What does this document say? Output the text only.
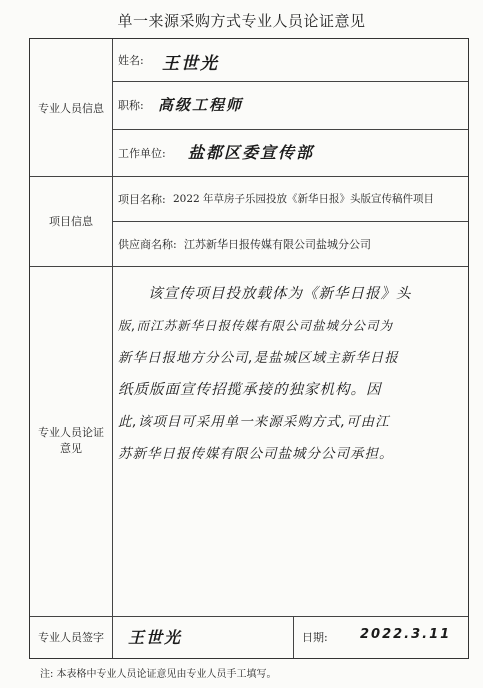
单一来源采购方式专业人员论证意见
专业人员信息
姓名: 王世光
职称: 高级工程师
工作单位: 盐都区委宣传部
项目信息
项目名称: 2022 年草房子乐园投放《新华日报》头版宣传稿件项目
供应商名称: 江苏新华日报传媒有限公司盐城分公司
专业人员论证
意见
专业人员签字	王世光	日期: 2022.3.11
该宣传项目投放载体为《新华日报》头
版,而江苏新华日报传媒有限公司盐城分公司为
新华日报地方分公司,是盐城区域主新华日报
纸质版面宣传招揽承接的独家机构。因
此,该项目可采用单一来源采购方式,可由江
苏新华日报传媒有限公司盐城分公司承担。
注: 本表格中专业人员论证意见由专业人员手工填写。
